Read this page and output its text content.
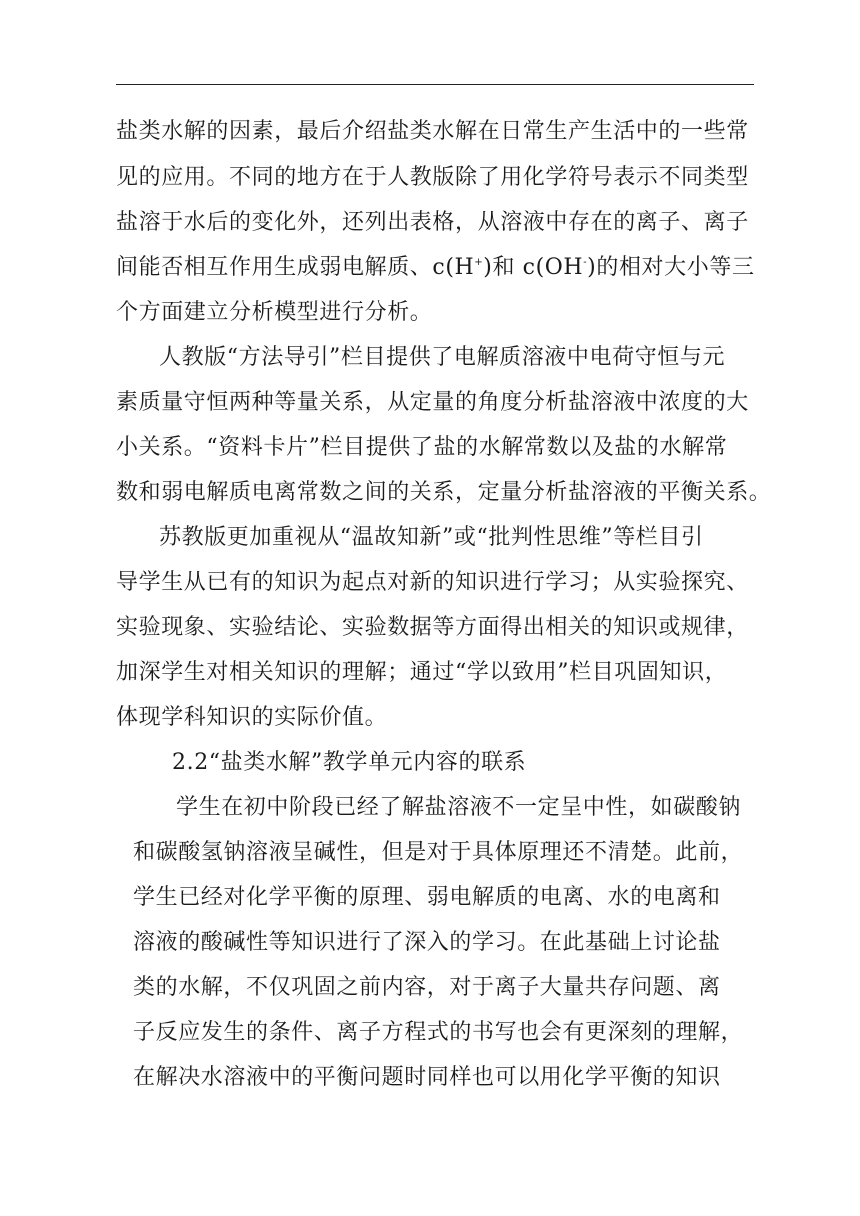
盐类水解的因素，最后介绍盐类水解在日常生产生活中的一些常
见的应用。不同的地方在于人教版除了用化学符号表示不同类型
盐溶于水后的变化外，还列出表格，从溶液中存在的离子、离子
间能否相互作用生成弱电解质、c(H+)和 c(OH-)的相对大小等三
个方面建立分析模型进行分析。
人教版“方法导引”栏目提供了电解质溶液中电荷守恒与元
素质量守恒两种等量关系，从定量的角度分析盐溶液中浓度的大
小关系。“资料卡片”栏目提供了盐的水解常数以及盐的水解常
数和弱电解质电离常数之间的关系，定量分析盐溶液的平衡关系。
苏教版更加重视从“温故知新”或“批判性思维”等栏目引
导学生从已有的知识为起点对新的知识进行学习；从实验探究、
实验现象、实验结论、实验数据等方面得出相关的知识或规律，
加深学生对相关知识的理解；通过“学以致用”栏目巩固知识，
体现学科知识的实际价值。
2.2“盐类水解”教学单元内容的联系
学生在初中阶段已经了解盐溶液不一定呈中性，如碳酸钠
和碳酸氢钠溶液呈碱性，但是对于具体原理还不清楚。此前，
学生已经对化学平衡的原理、弱电解质的电离、水的电离和
溶液的酸碱性等知识进行了深入的学习。在此基础上讨论盐
类的水解，不仅巩固之前内容，对于离子大量共存问题、离
子反应发生的条件、离子方程式的书写也会有更深刻的理解，
在解决水溶液中的平衡问题时同样也可以用化学平衡的知识
